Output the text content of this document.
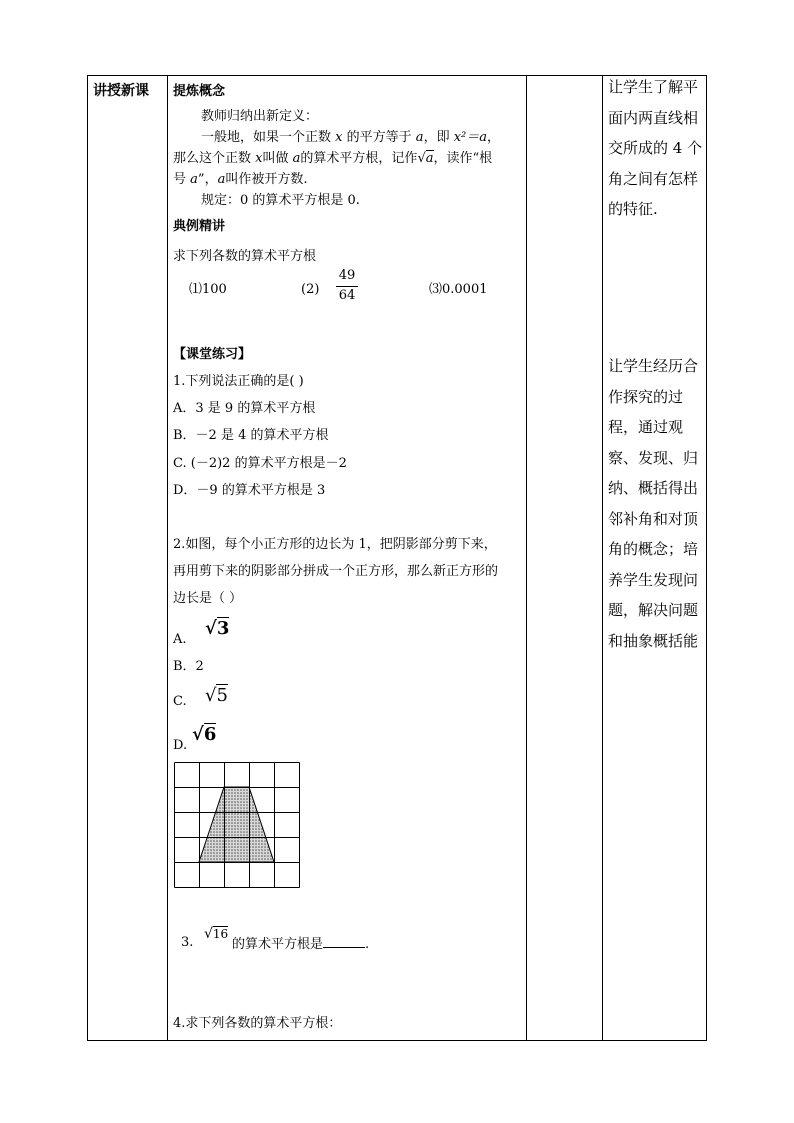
讲授新课 提炼概念
教师归纳出新定义：
一般地，如果一个正数 x 的平方等于 a，即 x²＝a，
那么这个正数 x叫做 a的算术平方根，记作√a，读作“根
号 a”，a叫作被开方数.
规定：0 的算术平方根是 0.
典例精讲
求下列各数的算术平方根
⑴100	(2)
49
64	⑶0.0001
【课堂练习】
1.下列说法正确的是( )
A．3 是 9 的算术平方根
B．－2 是 4 的算术平方根
C. (－2)2 的算术平方根是－2
D．－9 的算术平方根是 3
2.如图，每个小正方形的边长为 1，把阴影部分剪下来，
再用剪下来的阴影部分拼成一个正方形，那么新正方形的
边长是（ ）
A.
√3
B．2
C. √5
D.
√6
3.
√16
的算术平方根是	.
4.求下列各数的算术平方根：
让学生了解平面内两直线相交所成的 4 个角之间有怎样的特征.
让学生经历合作探究的过程，通过观察、发现、归纳、概括得出邻补角和对顶角的概念；培养学生发现问题，解决问题和抽象概括能
